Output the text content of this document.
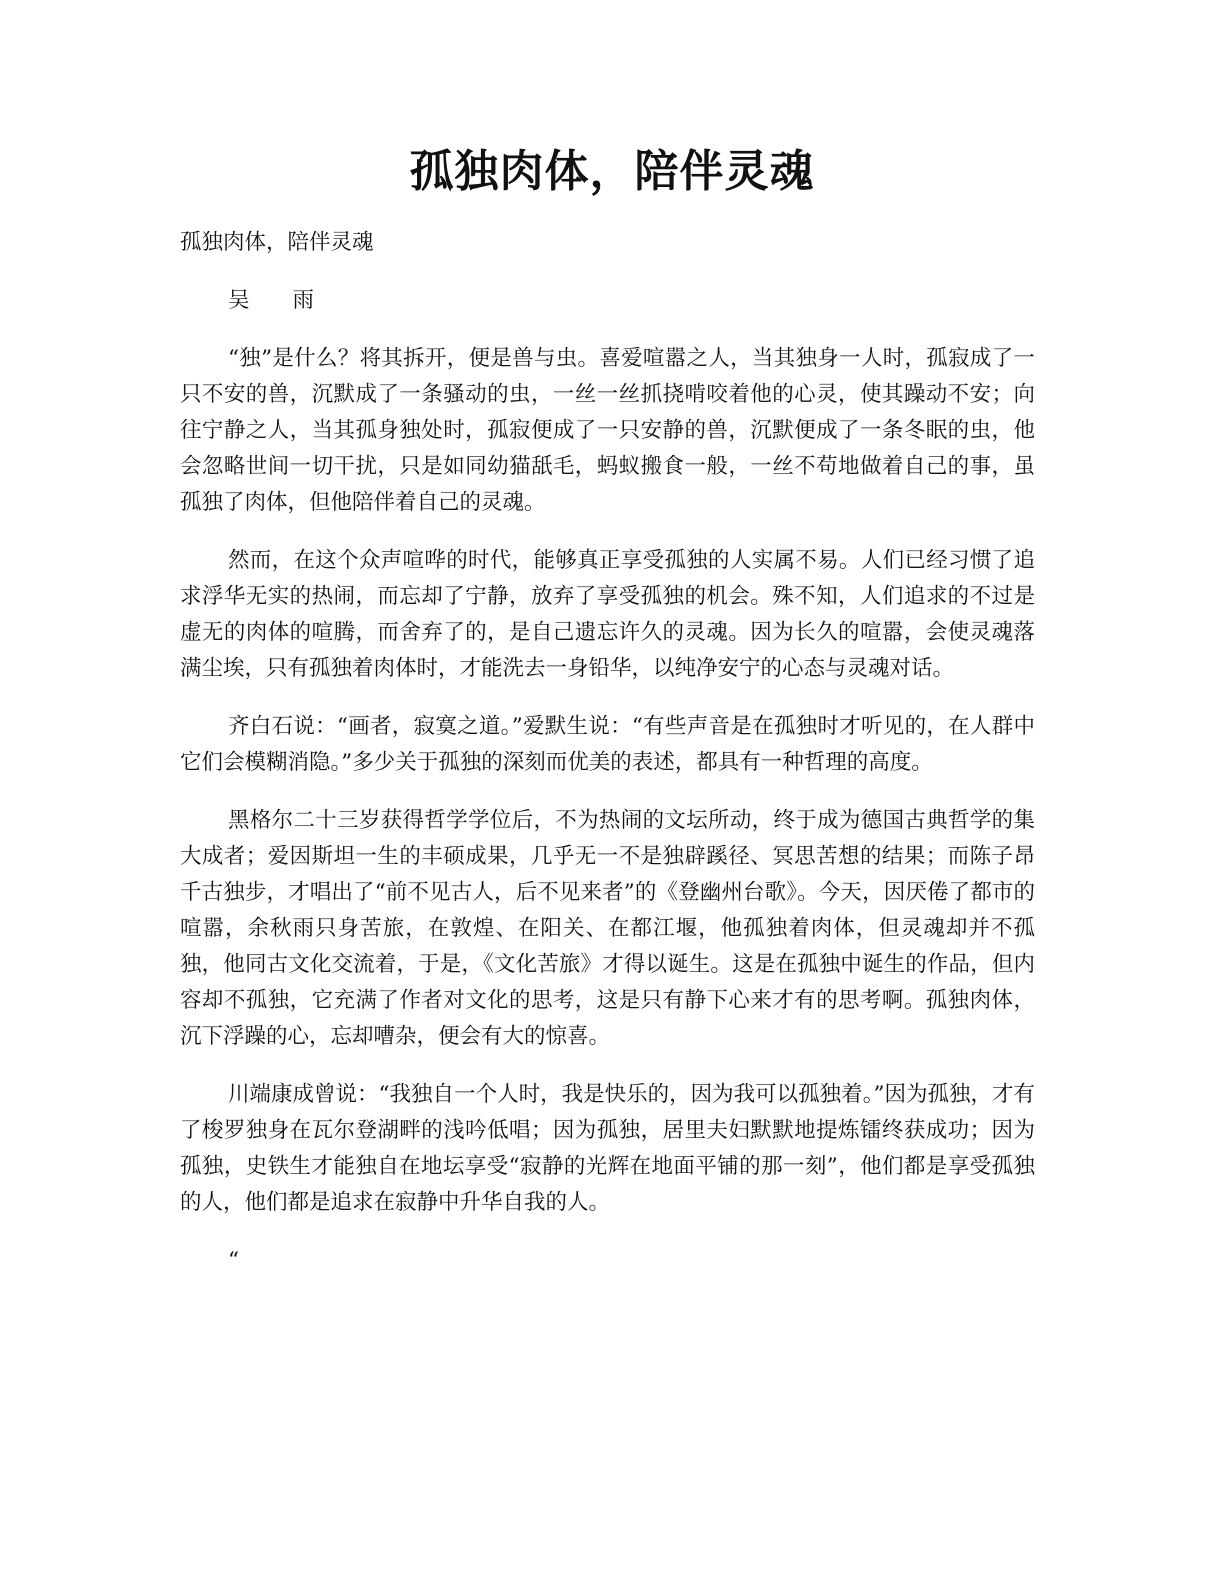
孤独肉体，陪伴灵魂

孤独肉体，陪伴灵魂

吴　　雨

“独”是什么？将其拆开，便是兽与虫。喜爱喧嚣之人，当其独身一人时，孤寂成了一只不安的兽，沉默成了一条骚动的虫，一丝一丝抓挠啃咬着他的心灵，使其躁动不安；向往宁静之人，当其孤身独处时，孤寂便成了一只安静的兽，沉默便成了一条冬眠的虫，他会忽略世间一切干扰，只是如同幼猫舐毛，蚂蚁搬食一般，一丝不苟地做着自己的事，虽孤独了肉体，但他陪伴着自己的灵魂。

然而，在这个众声喧哗的时代，能够真正享受孤独的人实属不易。人们已经习惯了追求浮华无实的热闹，而忘却了宁静，放弃了享受孤独的机会。殊不知，人们追求的不过是虚无的肉体的喧腾，而舍弃了的，是自己遗忘许久的灵魂。因为长久的喧嚣，会使灵魂落满尘埃，只有孤独着肉体时，才能洗去一身铅华，以纯净安宁的心态与灵魂对话。

齐白石说：“画者，寂寞之道。”爱默生说：“有些声音是在孤独时才听见的，在人群中它们会模糊消隐。”多少关于孤独的深刻而优美的表述，都具有一种哲理的高度。

黑格尔二十三岁获得哲学学位后，不为热闹的文坛所动，终于成为德国古典哲学的集大成者；爱因斯坦一生的丰硕成果，几乎无一不是独辟蹊径、冥思苦想的结果；而陈子昂千古独步，才唱出了“前不见古人，后不见来者”的《登幽州台歌》。今天，因厌倦了都市的喧嚣，余秋雨只身苦旅，在敦煌、在阳关、在都江堰，他孤独着肉体，但灵魂却并不孤独，他同古文化交流着，于是，《文化苦旅》才得以诞生。这是在孤独中诞生的作品，但内容却不孤独，它充满了作者对文化的思考，这是只有静下心来才有的思考啊。孤独肉体，沉下浮躁的心，忘却嘈杂，便会有大的惊喜。

川端康成曾说：“我独自一个人时，我是快乐的，因为我可以孤独着。”因为孤独，才有了梭罗独身在瓦尔登湖畔的浅吟低唱；因为孤独，居里夫妇默默地提炼镭终获成功；因为孤独，史铁生才能独自在地坛享受“寂静的光辉在地面平铺的那一刻”，他们都是享受孤独的人，他们都是追求在寂静中升华自我的人。

“
